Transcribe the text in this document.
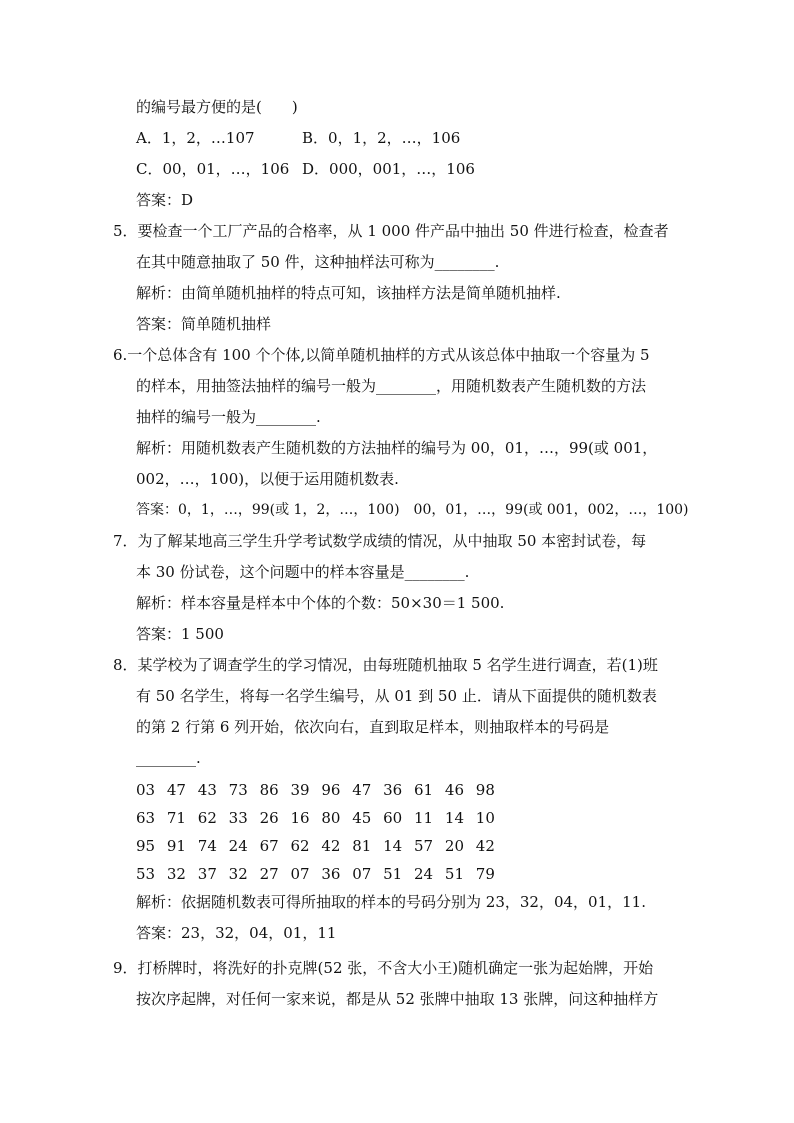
的编号最方便的是(　　)
A．1，2，…107	B．0，1，2，…，106
C．00，01，…，106 D．000，001，…，106
答案：D
5．要检查一个工厂产品的合格率，从 1 000 件产品中抽出 50 件进行检查，检查者
在其中随意抽取了 50 件，这种抽样法可称为________.
解析：由简单随机抽样的特点可知，该抽样方法是简单随机抽样.
答案：简单随机抽样
6.一个总体含有 100 个个体,以简单随机抽样的方式从该总体中抽取一个容量为 5
的样本，用抽签法抽样的编号一般为________，用随机数表产生随机数的方法
抽样的编号一般为________.
解析：用随机数表产生随机数的方法抽样的编号为 00，01，…，99(或 001，
002，…，100)，以便于运用随机数表.
答案：0，1，…，99(或 1，2，…，100)　00，01，…，99(或 001，002，…，100)
7．为了解某地高三学生升学考试数学成绩的情况，从中抽取 50 本密封试卷，每
本 30 份试卷，这个问题中的样本容量是________.
解析：样本容量是样本中个体的个数：50×30＝1 500.
答案：1 500
8．某学校为了调查学生的学习情况，由每班随机抽取 5 名学生进行调查，若(1)班
有 50 名学生，将每一名学生编号，从 01 到 50 止．请从下面提供的随机数表
的第 2 行第 6 列开始，依次向右，直到取足样本，则抽取样本的号码是
________.
03 47 43 73 86 39 96 47 36 61 46 98
63 71 62 33 26 16 80 45 60 11 14 10
95 91 74 24 67 62 42 81 14 57 20 42
53 32 37 32 27 07 36 07 51 24 51 79
解析：依据随机数表可得所抽取的样本的号码分别为 23，32，04，01，11.
答案：23，32，04，01，11
9．打桥牌时，将洗好的扑克牌(52 张，不含大小王)随机确定一张为起始牌，开始
按次序起牌，对任何一家来说，都是从 52 张牌中抽取 13 张牌，问这种抽样方
